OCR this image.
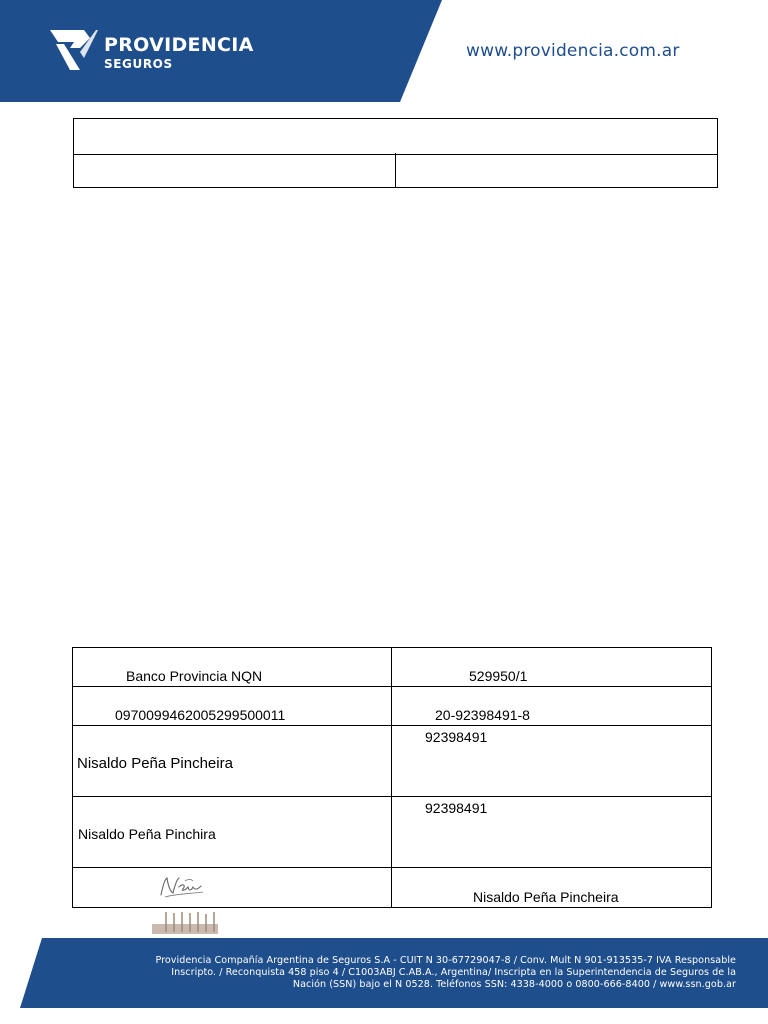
PROVIDENCIA
SEGUROS
www.providencia.com.ar
Banco Provincia NQN	529950/1
0970099462005299500011	20-92398491-8
Nisaldo Peña Pincheira
92398491
Nisaldo Peña Pinchira
92398491
Nisaldo Peña Pincheira
Providencia Compañía Argentina de Seguros S.A - CUIT N 30-67729047-8 / Conv. Mult N 901-913535-7 IVA Responsable
Inscripto. / Reconquista 458 piso 4 / C1003ABJ C.AB.A., Argentina/ Inscripta en la Superintendencia de Seguros de la
Nación (SSN) bajo el N 0528. Teléfonos SSN: 4338-4000 o 0800-666-8400 / www.ssn.gob.ar
